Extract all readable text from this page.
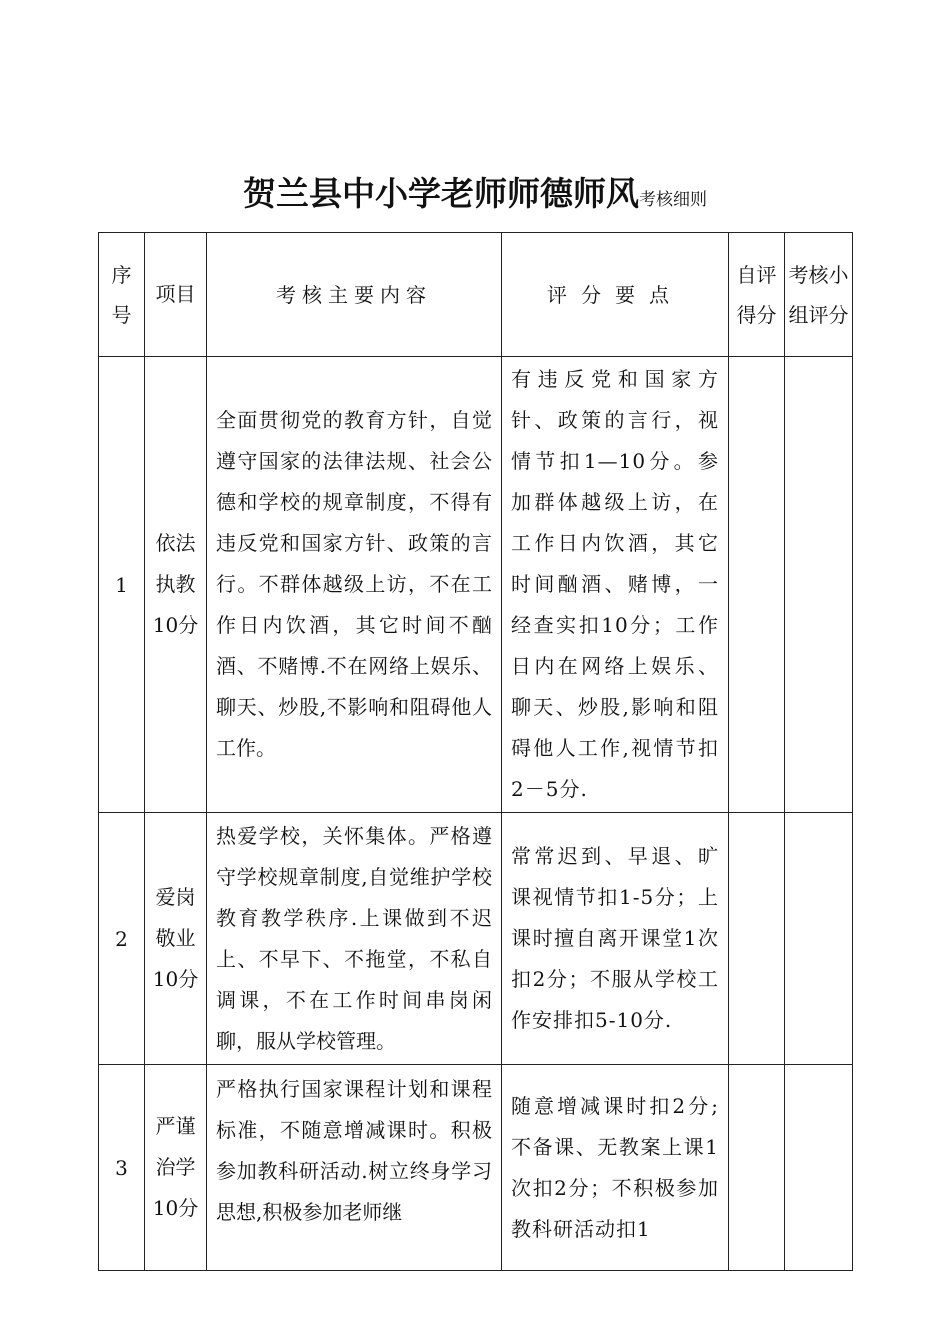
贺兰县中小学老师师德师风考核细则
序号	项目	考核主要内容	评分要点	自评得分	考核小组评分
1	依法执教10分	全面贯彻党的教育方针，自觉遵守国家的法律法规、社会公德和学校的规章制度，不得有违反党和国家方针、政策的言行。不群体越级上访，不在工作日内饮酒，其它时间不酗酒、不赌博.不在网络上娱乐、聊天、炒股,不影响和阻碍他人工作。	有违反党和国家方针、政策的言行，视情节扣1—10分。参加群体越级上访，在工作日内饮酒，其它时间酗酒、赌博，一经查实扣10分；工作日内在网络上娱乐、聊天、炒股,影响和阻碍他人工作,视情节扣2－5分.		
2	爱岗敬业10分	热爱学校，关怀集体。严格遵守学校规章制度,自觉维护学校教育教学秩序.上课做到不迟上、不早下、不拖堂，不私自调课，不在工作时间串岗闲聊，服从学校管理。	常常迟到、早退、旷课视情节扣1-5分；上课时擅自离开课堂1次扣2分；不服从学校工作安排扣5-10分.		
3	严谨治学10分	严格执行国家课程计划和课程标准，不随意增减课时。积极参加教科研活动.树立终身学习思想,积极参加老师继	随意增减课时扣2分;不备课、无教案上课1次扣2分；不积极参加教科研活动扣1		
